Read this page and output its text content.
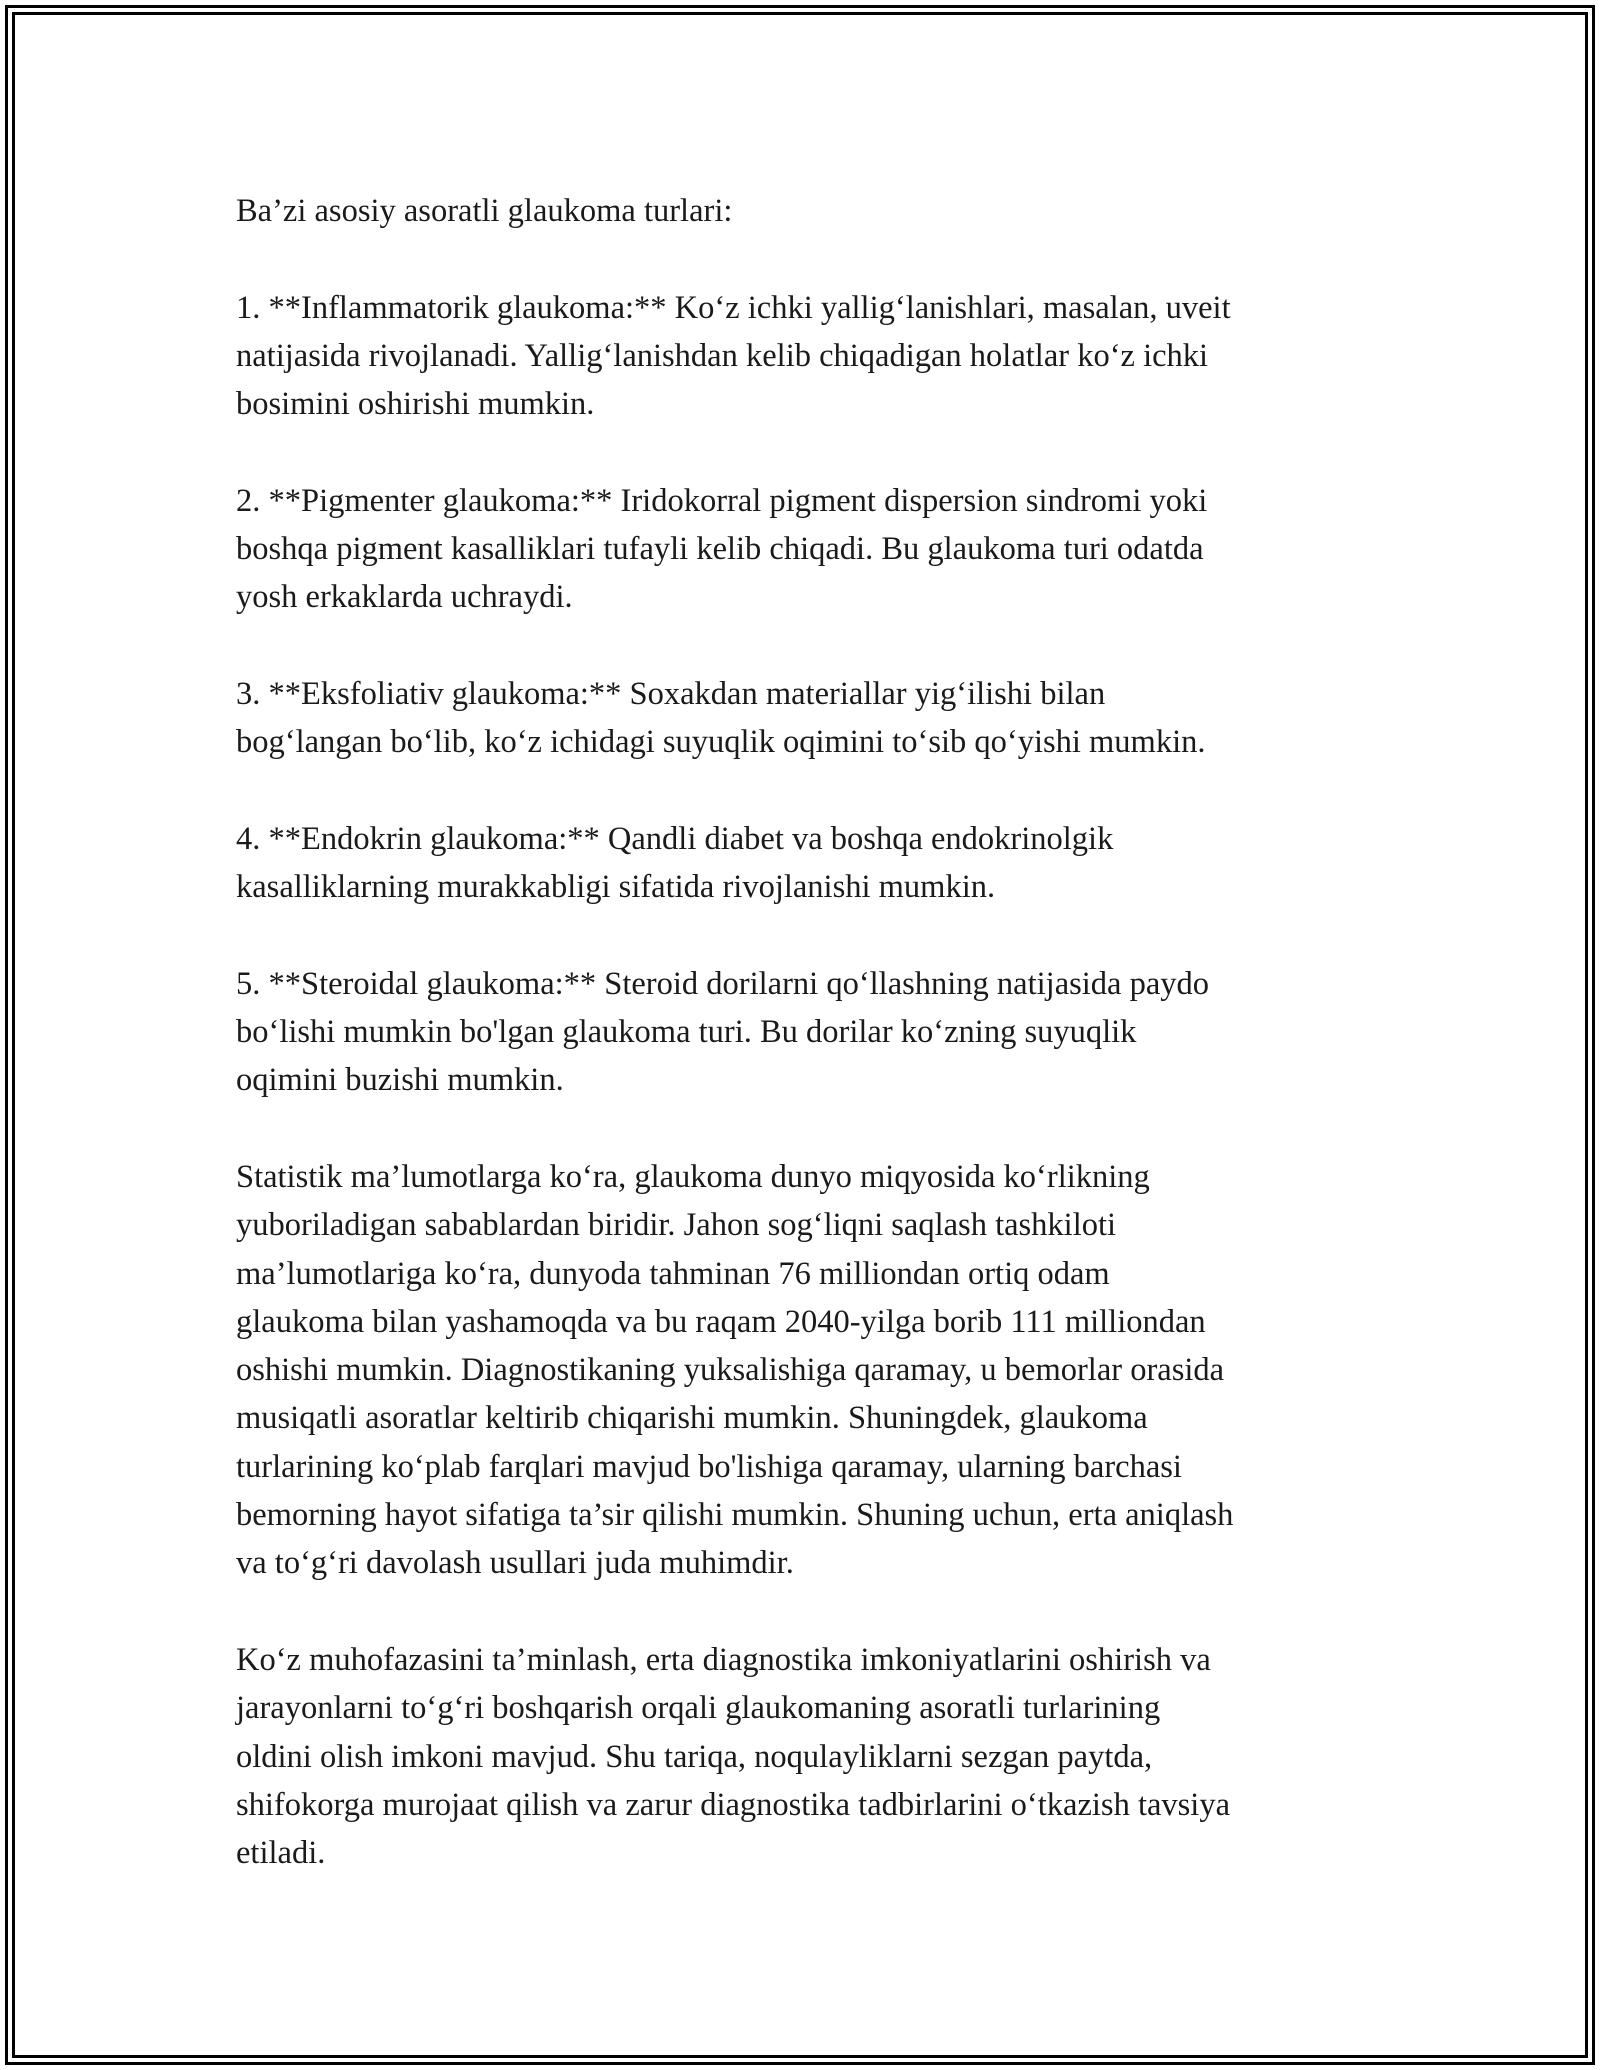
Ba’zi asosiy asoratli glaukoma turlari:

1. **Inflammatorik glaukoma:** Ko‘z ichki yallig‘lanishlari, masalan, uveit
natijasida rivojlanadi. Yallig‘lanishdan kelib chiqadigan holatlar ko‘z ichki
bosimini oshirishi mumkin.

2. **Pigmenter glaukoma:** Iridokorral pigment dispersion sindromi yoki
boshqa pigment kasalliklari tufayli kelib chiqadi. Bu glaukoma turi odatda
yosh erkaklarda uchraydi.

3. **Eksfoliativ glaukoma:** Soxakdan materiallar yig‘ilishi bilan
bog‘langan bo‘lib, ko‘z ichidagi suyuqlik oqimini to‘sib qo‘yishi mumkin.

4. **Endokrin glaukoma:** Qandli diabet va boshqa endokrinolgik
kasalliklarning murakkabligi sifatida rivojlanishi mumkin.

5. **Steroidal glaukoma:** Steroid dorilarni qo‘llashning natijasida paydo
bo‘lishi mumkin bo'lgan glaukoma turi. Bu dorilar ko‘zning suyuqlik
oqimini buzishi mumkin.

Statistik ma’lumotlarga ko‘ra, glaukoma dunyo miqyosida ko‘rlikning
yuboriladigan sabablardan biridir. Jahon sog‘liqni saqlash tashkiloti
ma’lumotlariga ko‘ra, dunyoda tahminan 76 milliondan ortiq odam
glaukoma bilan yashamoqda va bu raqam 2040-yilga borib 111 milliondan
oshishi mumkin. Diagnostikaning yuksalishiga qaramay, u bemorlar orasida
musiqatli asoratlar keltirib chiqarishi mumkin. Shuningdek, glaukoma
turlarining ko‘plab farqlari mavjud bo'lishiga qaramay, ularning barchasi
bemorning hayot sifatiga ta’sir qilishi mumkin. Shuning uchun, erta aniqlash
va to‘g‘ri davolash usullari juda muhimdir.

Ko‘z muhofazasini ta’minlash, erta diagnostika imkoniyatlarini oshirish va
jarayonlarni to‘g‘ri boshqarish orqali glaukomaning asoratli turlarining
oldini olish imkoni mavjud. Shu tariqa, noqulayliklarni sezgan paytda,
shifokorga murojaat qilish va zarur diagnostika tadbirlarini o‘tkazish tavsiya
etiladi.
